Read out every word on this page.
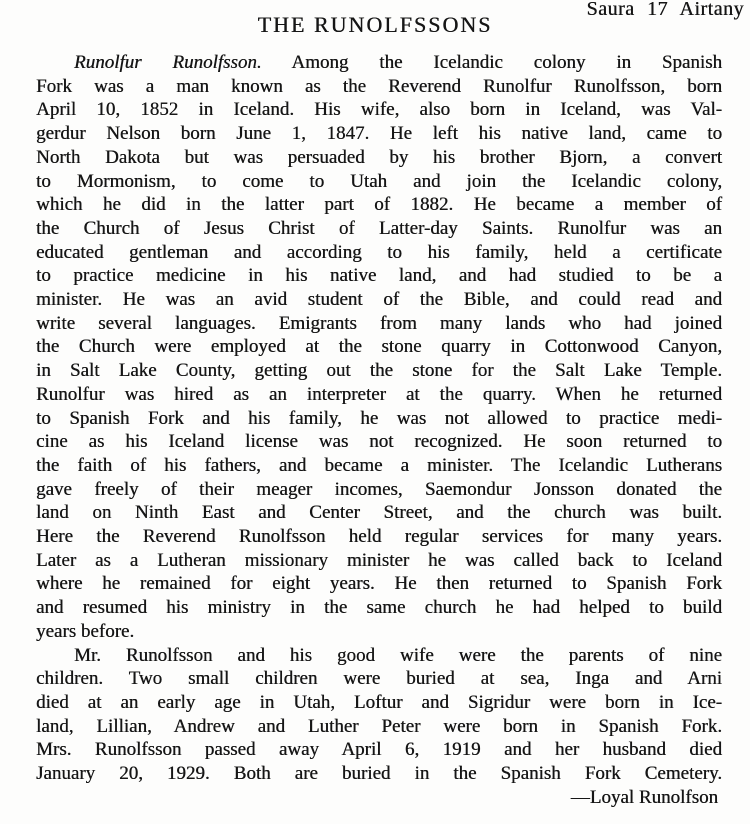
Saura 17 Airtany
THE RUNOLFSSONS
Runolfur Runolfsson. Among the Icelandic colony in Spanish
Fork was a man known as the Reverend Runolfur Runolfsson, born
April 10, 1852 in Iceland. His wife, also born in Iceland, was Val-
gerdur Nelson born June 1, 1847. He left his native land, came to
North Dakota but was persuaded by his brother Bjorn, a convert
to Mormonism, to come to Utah and join the Icelandic colony,
which he did in the latter part of 1882. He became a member of
the Church of Jesus Christ of Latter-day Saints. Runolfur was an
educated gentleman and according to his family, held a certificate
to practice medicine in his native land, and had studied to be a
minister. He was an avid student of the Bible, and could read and
write several languages. Emigrants from many lands who had joined
the Church were employed at the stone quarry in Cottonwood Canyon,
in Salt Lake County, getting out the stone for the Salt Lake Temple.
Runolfur was hired as an interpreter at the quarry. When he returned
to Spanish Fork and his family, he was not allowed to practice medi-
cine as his Iceland license was not recognized. He soon returned to
the faith of his fathers, and became a minister. The Icelandic Lutherans
gave freely of their meager incomes, Saemondur Jonsson donated the
land on Ninth East and Center Street, and the church was built.
Here the Reverend Runolfsson held regular services for many years.
Later as a Lutheran missionary minister he was called back to Iceland
where he remained for eight years. He then returned to Spanish Fork
and resumed his ministry in the same church he had helped to build
years before.
Mr. Runolfsson and his good wife were the parents of nine
children. Two small children were buried at sea, Inga and Arni
died at an early age in Utah, Loftur and Sigridur were born in Ice-
land, Lillian, Andrew and Luther Peter were born in Spanish Fork.
Mrs. Runolfsson passed away April 6, 1919 and her husband died
January 20, 1929. Both are buried in the Spanish Fork Cemetery.
—Loyal Runolfson
